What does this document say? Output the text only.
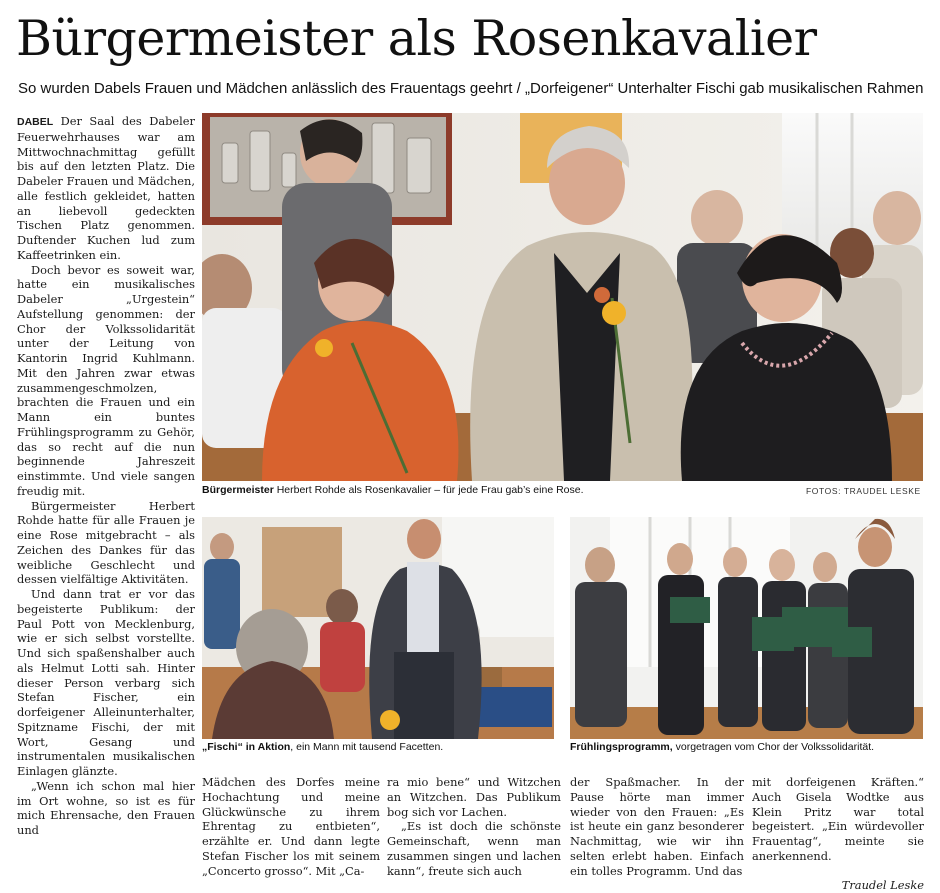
Bürgermeister als Rosenkavalier
So wurden Dabels Frauen und Mädchen anlässlich des Frauentags geehrt / „Dorfeigener“ Unterhalter Fischi gab musikalischen Rahmen

DABEL Der Saal des Dabeler Feuerwehrhauses war am Mittwochnachmittag gefüllt bis auf den letzten Platz. Die Dabeler Frauen und Mädchen, alle festlich gekleidet, hatten an liebevoll gedeckten Tischen Platz genommen. Duftender Kuchen lud zum Kaffeetrinken ein.

Doch bevor es soweit war, hatte ein musikalisches Dabeler „Urgestein“ Aufstellung genommen: der Chor der Volkssolidarität unter der Leitung von Kantorin Ingrid Kuhlmann. Mit den Jahren zwar etwas zusammengeschmolzen, brachten die Frauen und ein Mann ein buntes Frühlingsprogramm zu Gehör, das so recht auf die nun beginnende Jahreszeit einstimmte. Und viele sangen freudig mit.

Bürgermeister Herbert Rohde hatte für alle Frauen je eine Rose mitgebracht – als Zeichen des Dankes für das weibliche Geschlecht und dessen vielfältige Aktivitäten.

Und dann trat er vor das begeisterte Publikum: der Paul Pott von Mecklenburg, wie er sich selbst vorstellte. Und sich spaßenshalber auch als Helmut Lotti sah. Hinter dieser Person verbarg sich Stefan Fischer, ein dorfeigener Alleinunterhalter, Spitzname Fischi, der mit Wort, Gesang und instrumentalen musikalischen Einlagen glänzte.

„Wenn ich schon mal hier im Ort wohne, so ist es für mich Ehrensache, den Frauen und

Bürgermeister Herbert Rohde als Rosenkavalier – für jede Frau gab’s eine Rose.	FOTOS: TRAUDEL LESKE
„Fischi“ in Aktion, ein Mann mit tausend Facetten.	Frühlingsprogramm, vorgetragen vom Chor der Volkssolidarität.

Mädchen des Dorfes meine Hochachtung und meine Glückwünsche zu ihrem Ehrentag zu entbieten“, erzählte er. Und dann legte Stefan Fischer los mit seinem „Concerto grosso“. Mit „Ca-

ra mio bene“ und Witzchen an Witzchen. Das Publikum bog sich vor Lachen.

„Es ist doch die schönste Gemeinschaft, wenn man zusammen singen und lachen kann“, freute sich auch

der Spaßmacher. In der Pause hörte man immer wieder von den Frauen: „Es ist heute ein ganz besonderer Nachmittag, wie wir ihn selten erlebt haben. Einfach ein tolles Programm. Und das

mit dorfeigenen Kräften.“ Auch Gisela Wodtke aus Klein Pritz war total begeistert. „Ein würdevoller Frauentag“, meinte sie anerkennend.

Traudel Leske
